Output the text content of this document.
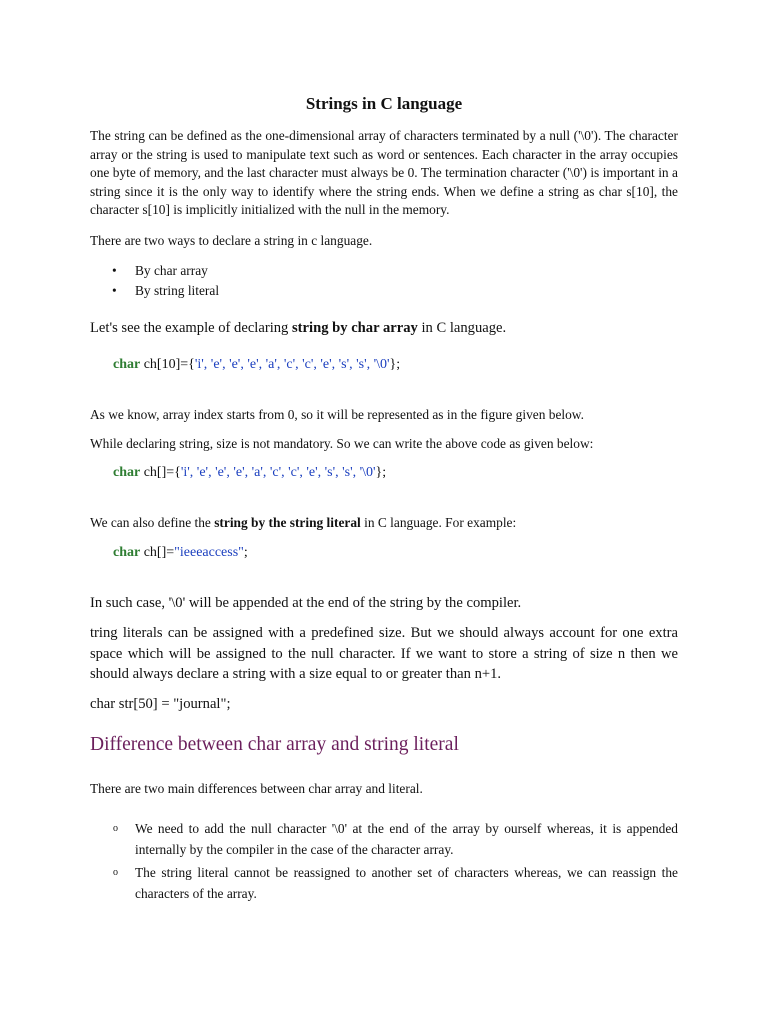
Strings in C language

The string can be defined as the one-dimensional array of characters terminated by a null ('\0'). The character array or the string is used to manipulate text such as word or sentences. Each character in the array occupies one byte of memory, and the last character must always be 0. The termination character ('\0') is important in a string since it is the only way to identify where the string ends. When we define a string as char s[10], the character s[10] is implicitly initialized with the null in the memory.

There are two ways to declare a string in c language.

• By char array
• By string literal

Let's see the example of declaring string by char array in C language.

char ch[10]={'i', 'e', 'e', 'e', 'a', 'c', 'c', 'e', 's', 's', '\0'};

As we know, array index starts from 0, so it will be represented as in the figure given below.

While declaring string, size is not mandatory. So we can write the above code as given below:

char ch[]={'i', 'e', 'e', 'e', 'a', 'c', 'c', 'e', 's', 's', '\0'};

We can also define the string by the string literal in C language. For example:

char ch[]="ieeeaccess";

In such case, '\0' will be appended at the end of the string by the compiler.

tring literals can be assigned with a predefined size. But we should always account for one extra space which will be assigned to the null character. If we want to store a string of size n then we should always declare a string with a size equal to or greater than n+1.

char str[50] = "journal";

Difference between char array and string literal

There are two main differences between char array and literal.

o We need to add the null character '\0' at the end of the array by ourself whereas, it is appended internally by the compiler in the case of the character array.
o The string literal cannot be reassigned to another set of characters whereas, we can reassign the characters of the array.
